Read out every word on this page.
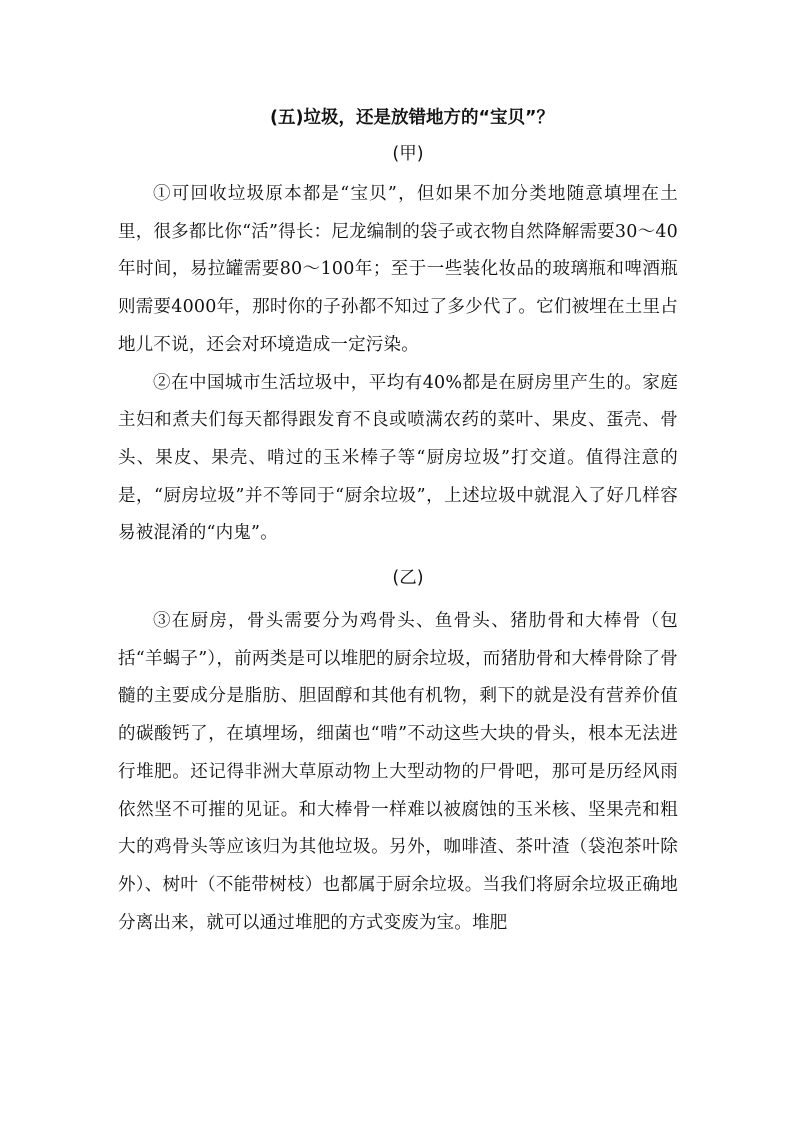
(五)垃圾，还是放错地方的“宝贝”？
(甲)

①可回收垃圾原本都是“宝贝”，但如果不加分类地随意填埋在土里，很多都比你“活”得长：尼龙编制的袋子或衣物自然降解需要30～40年时间，易拉罐需要80～100年；至于一些装化妆品的玻璃瓶和啤酒瓶则需要4000年，那时你的子孙都不知过了多少代了。它们被埋在土里占地儿不说，还会对环境造成一定污染。

②在中国城市生活垃圾中，平均有40%都是在厨房里产生的。家庭主妇和煮夫们每天都得跟发育不良或喷满农药的菜叶、果皮、蛋壳、骨头、果皮、果壳、啃过的玉米棒子等“厨房垃圾”打交道。值得注意的是，“厨房垃圾”并不等同于“厨余垃圾”，上述垃圾中就混入了好几样容易被混淆的“内鬼”。

(乙)

③在厨房，骨头需要分为鸡骨头、鱼骨头、猪肋骨和大棒骨（包括“羊蝎子”），前两类是可以堆肥的厨余垃圾，而猪肋骨和大棒骨除了骨髓的主要成分是脂肪、胆固醇和其他有机物，剩下的就是没有营养价值的碳酸钙了，在填埋场，细菌也“啃”不动这些大块的骨头，根本无法进行堆肥。还记得非洲大草原动物上大型动物的尸骨吧，那可是历经风雨依然坚不可摧的见证。和大棒骨一样难以被腐蚀的玉米核、坚果壳和粗大的鸡骨头等应该归为其他垃圾。另外，咖啡渣、茶叶渣（袋泡茶叶除外）、树叶（不能带树枝）也都属于厨余垃圾。当我们将厨余垃圾正确地分离出来，就可以通过堆肥的方式变废为宝。堆肥
